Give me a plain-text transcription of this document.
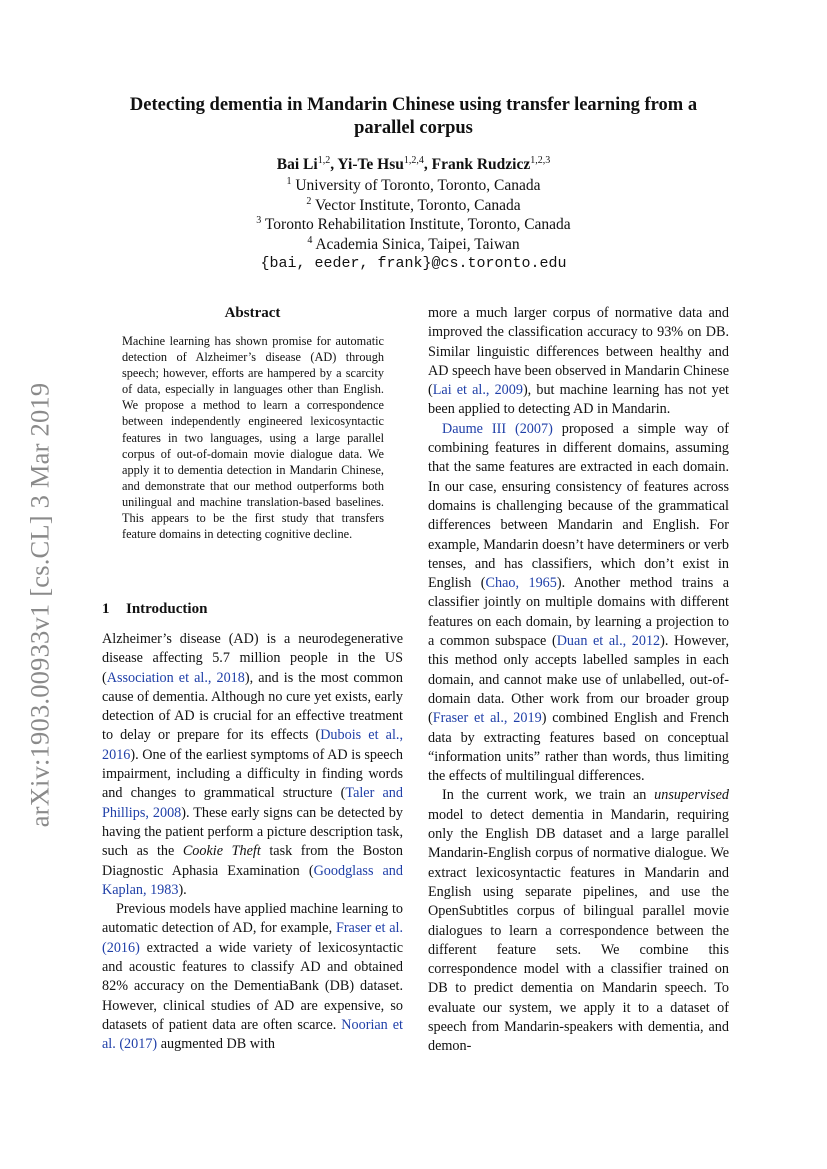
arXiv:1903.00933v1 [cs.CL] 3 Mar 2019
Detecting dementia in Mandarin Chinese using transfer learning from a
parallel corpus
Bai Li$^{1,2}$, Yi-Te Hsu$^{1,2,4}$, Frank Rudzicz$^{1,2,3}$
$^1$ University of Toronto, Toronto, Canada
$^2$ Vector Institute, Toronto, Canada
$^3$ Toronto Rehabilitation Institute, Toronto, Canada
$^4$ Academia Sinica, Taipei, Taiwan
{bai, eeder, frank}@cs.toronto.edu
Abstract

Machine learning has shown promise for automatic detection of Alzheimer’s disease (AD) through speech; however, efforts are hampered by a scarcity of data, especially in languages other than English. We propose a method to learn a correspondence between independently engineered lexicosyntactic features in two languages, using a large parallel corpus of out-of-domain movie dialogue data. We apply it to dementia detection in Mandarin Chinese, and demonstrate that our method outperforms both unilingual and machine translation-based baselines. This appears to be the first study that transfers feature domains in detecting cognitive decline.

1 Introduction

Alzheimer’s disease (AD) is a neurodegenerative disease affecting 5.7 million people in the US (Association et al., 2018), and is the most common cause of dementia. Although no cure yet exists, early detection of AD is crucial for an effective treatment to delay or prepare for its effects (Dubois et al., 2016). One of the earliest symptoms of AD is speech impairment, including a difficulty in finding words and changes to grammatical structure (Taler and Phillips, 2008). These early signs can be detected by having the patient perform a picture description task, such as the Cookie Theft task from the Boston Diagnostic Aphasia Examination (Goodglass and Kaplan, 1983).

Previous models have applied machine learning to automatic detection of AD, for example, Fraser et al. (2016) extracted a wide variety of lexicosyntactic and acoustic features to classify AD and obtained 82% accuracy on the DementiaBank (DB) dataset. However, clinical studies of AD are expensive, so datasets of patient data are often scarce. Noorian et al. (2017) augmented DB with

more a much larger corpus of normative data and improved the classification accuracy to 93% on DB. Similar linguistic differences between healthy and AD speech have been observed in Mandarin Chinese (Lai et al., 2009), but machine learning has not yet been applied to detecting AD in Mandarin.

Daume III (2007) proposed a simple way of combining features in different domains, assuming that the same features are extracted in each domain. In our case, ensuring consistency of features across domains is challenging because of the grammatical differences between Mandarin and English. For example, Mandarin doesn’t have determiners or verb tenses, and has classifiers, which don’t exist in English (Chao, 1965). Another method trains a classifier jointly on multiple domains with different features on each domain, by learning a projection to a common subspace (Duan et al., 2012). However, this method only accepts labelled samples in each domain, and cannot make use of unlabelled, out-of-domain data. Other work from our broader group (Fraser et al., 2019) combined English and French data by extracting features based on conceptual “information units” rather than words, thus limiting the effects of multilingual differences.

In the current work, we train an unsupervised model to detect dementia in Mandarin, requiring only the English DB dataset and a large parallel Mandarin-English corpus of normative dialogue. We extract lexicosyntactic features in Mandarin and English using separate pipelines, and use the OpenSubtitles corpus of bilingual parallel movie dialogues to learn a correspondence between the different feature sets. We combine this correspondence model with a classifier trained on DB to predict dementia on Mandarin speech. To evaluate our system, we apply it to a dataset of speech from Mandarin-speakers with dementia, and demon-
